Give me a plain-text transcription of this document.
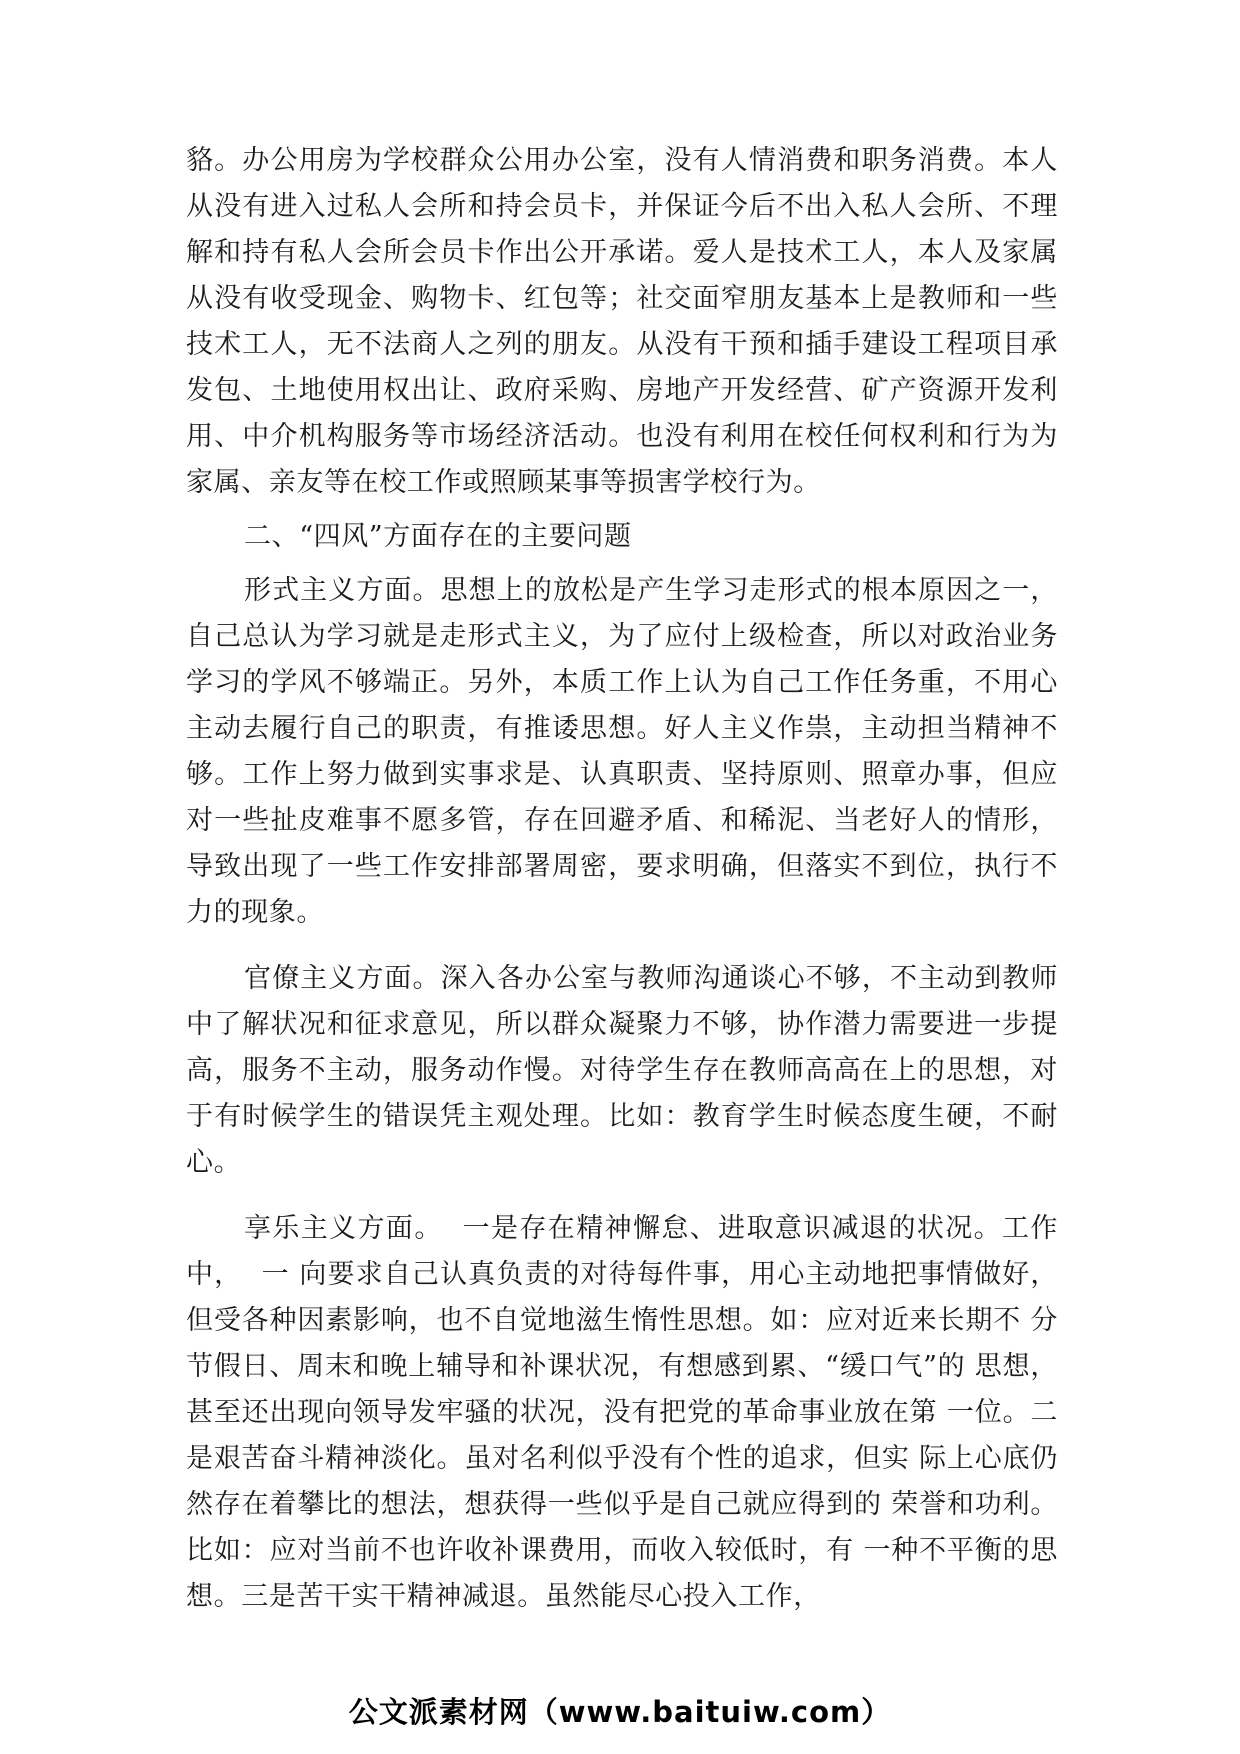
貉。办公用房为学校群众公用办公室，没有人情消费和职务消费。本人从没有进入过私人会所和持会员卡，并保证今后不出入私人会所、不理解和持有私人会所会员卡作出公开承诺。爱人是技术工人，本人及家属从没有收受现金、购物卡、红包等；社交面窄朋友基本上是教师和一些技术工人，无不法商人之列的朋友。从没有干预和插手建设工程项目承发包、土地使用权出让、政府采购、房地产开发经营、矿产资源开发利用、中介机构服务等市场经济活动。也没有利用在校任何权利和行为为家属、亲友等在校工作或照顾某事等损害学校行为。

二、“四风”方面存在的主要问题

形式主义方面。思想上的放松是产生学习走形式的根本原因之一，自己总认为学习就是走形式主义，为了应付上级检查，所以对政治业务学习的学风不够端正。另外，本质工作上认为自己工作任务重，不用心主动去履行自己的职责，有推诿思想。好人主义作祟，主动担当精神不够。工作上努力做到实事求是、认真职责、坚持原则、照章办事，但应对一些扯皮难事不愿多管，存在回避矛盾、和稀泥、当老好人的情形，导致出现了一些工作安排部署周密，要求明确，但落实不到位，执行不力的现象。

官僚主义方面。深入各办公室与教师沟通谈心不够，不主动到教师中了解状况和征求意见，所以群众凝聚力不够，协作潜力需要进一步提高，服务不主动，服务动作慢。对待学生存在教师高高在上的思想，对于有时候学生的错误凭主观处理。比如：教育学生时候态度生硬，不耐心。

享乐主义方面。  一是存在精神懈怠、进取意识减退的状况。工作中，  一 向要求自己认真负责的对待每件事，用心主动地把事情做好，  但受各种因素影响，也不自觉地滋生惰性思想。如：应对近来长期不 分节假日、周末和晚上辅导和补课状况，有想感到累、“缓口气”的 思想，甚至还出现向领导发牢骚的状况，没有把党的革命事业放在第 一位。二是艰苦奋斗精神淡化。虽对名利似乎没有个性的追求，但实 际上心底仍然存在着攀比的想法，想获得一些似乎是自己就应得到的 荣誉和功利。比如：应对当前不也许收补课费用，而收入较低时，有 一种不平衡的思想。三是苦干实干精神减退。虽然能尽心投入工作，

公文派素材网（www.baituiw.com）
